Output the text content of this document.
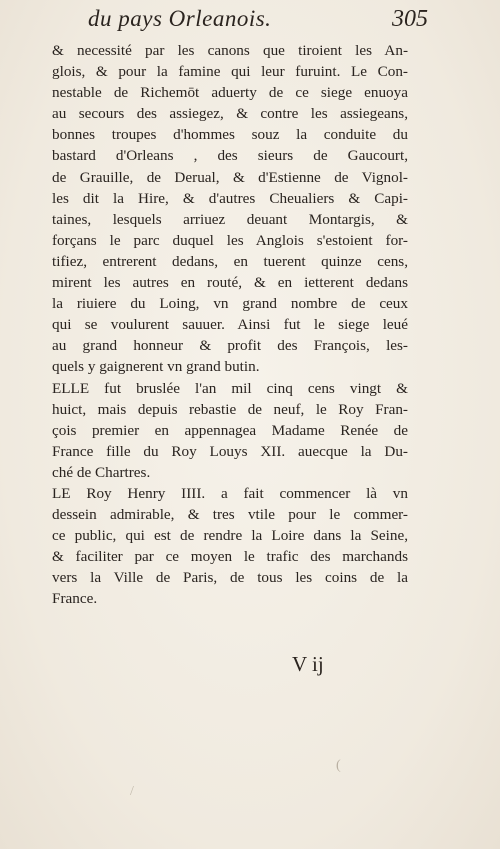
du pays Orleanois.	305
& necessité par les canons que tiroient les An-
glois, & pour la famine qui leur furuint. Le Con-
nestable de Richemōt aduerty de ce siege enuoya
au secours des assiegez, & contre les assiegeans,
bonnes troupes d'hommes souz la conduite du
bastard d'Orleans , des sieurs de Gaucourt,
de Grauille, de Derual, & d'Estienne de Vignol-
les dit la Hire, & d'autres Cheualiers & Capi-
taines, lesquels arriuez deuant Montargis, &
forçans le parc duquel les Anglois s'estoient for-
tifiez, entrerent dedans, en tuerent quinze cens,
mirent les autres en routé, & en ietterent dedans
la riuiere du Loing, vn grand nombre de ceux
qui se voulurent sauuer. Ainsi fut le siege leué
au grand honneur & profit des François, les-
quels y gaignerent vn grand butin.
ELLE fut bruslée l'an mil cinq cens vingt &
huict, mais depuis rebastie de neuf, le Roy Fran-
çois premier en appennagea Madame Renée de
France fille du Roy Louys XII. auecque la Du-
ché de Chartres.
LE Roy Henry IIII. a fait commencer là vn
dessein admirable, & tres vtile pour le commer-
ce public, qui est de rendre la Loire dans la Seine,
& faciliter par ce moyen le trafic des marchands
vers la Ville de Paris, de tous les coins de la
France.
V ij
(
/
